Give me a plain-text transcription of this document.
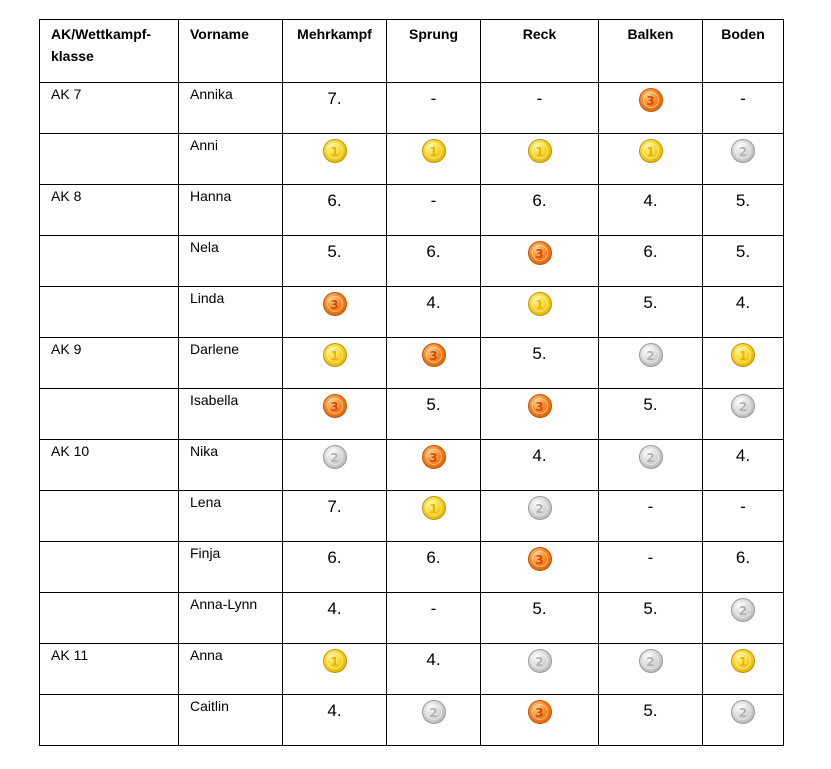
AK/Wettkampf-klasse	Vorname	Mehrkampf	Sprung	Reck	Balken	Boden
AK 7	Annika	7.	-	-	3	-
	Anni	1	1	1	1	2
AK 8	Hanna	6.	-	6.	4.	5.
	Nela	5.	6.	3	6.	5.
	Linda	3	4.	1	5.	4.
AK 9	Darlene	1	3	5.	2	1
	Isabella	3	5.	3	5.	2
AK 10	Nika	2	3	4.	2	4.
	Lena	7.	1	2	-	-
	Finja	6.	6.	3	-	6.
	Anna-Lynn	4.	-	5.	5.	2
AK 11	Anna	1	4.	2	2	1
	Caitlin	4.	2	3	5.	2
